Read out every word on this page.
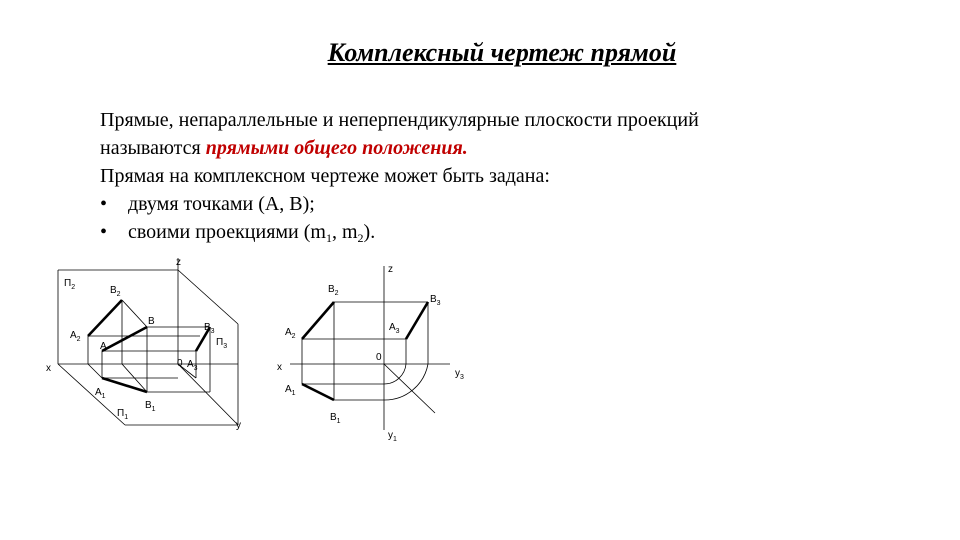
Комплексный чертеж прямой

Прямые, непараллельные и неперпендикулярные плоскости проекций

называются прямыми общего положения.

Прямая на комплексном чертеже может быть задана:

•	двумя точками (А, В);
•	своими проекциями ($m_1$, $m_2$).
$П_2$
z
x
y
0
$B_2$
B
$A_2$
A
$B_3$
$П_3$
$A_3$
$A_1$
$B_1$
$П_1$
z
x
0
$y_3$
$y_1$
$B_2$
$A_2$
$B_3$
$A_3$
$A_1$
$B_1$
